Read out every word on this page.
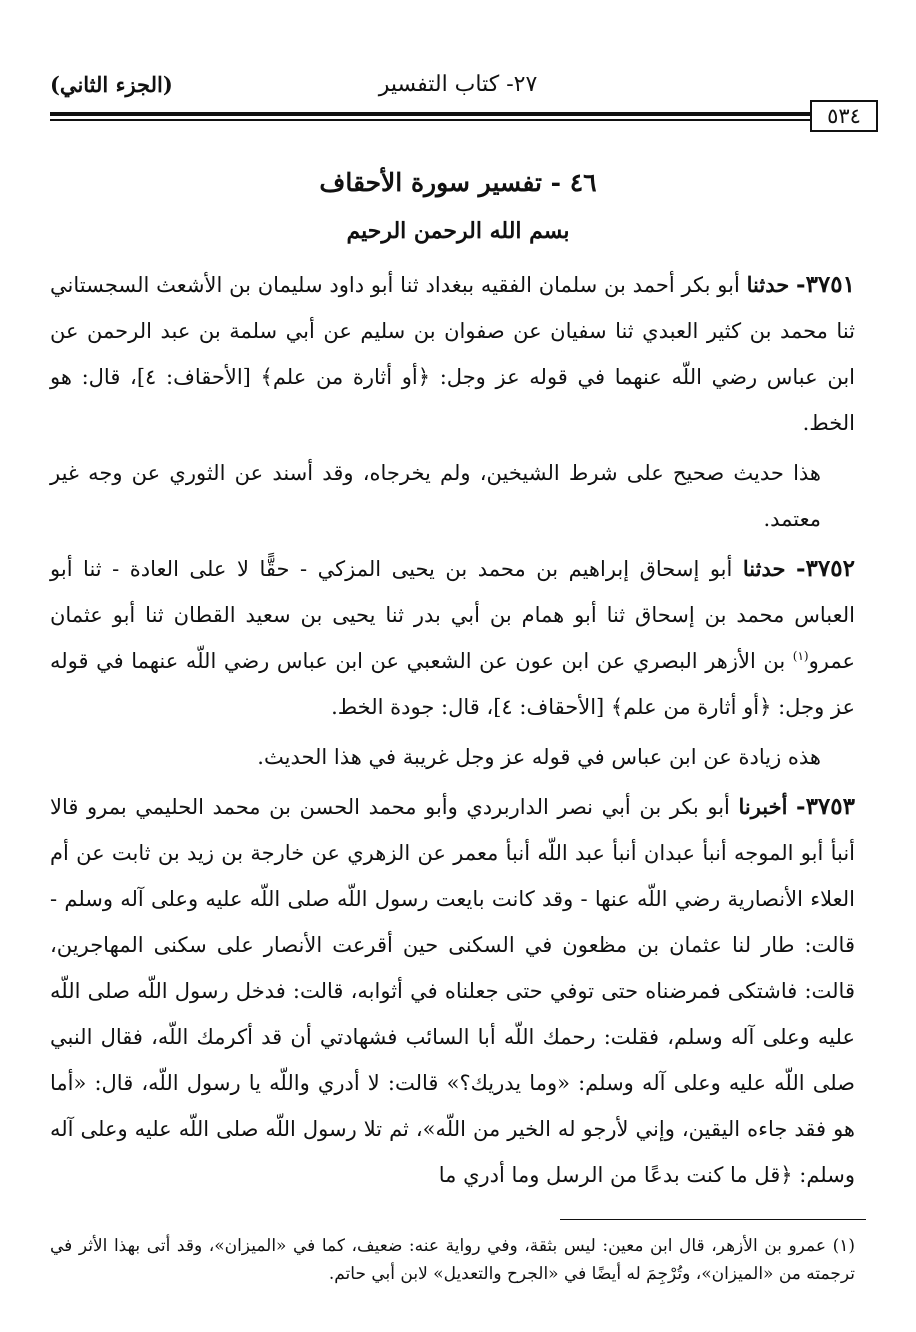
٢٧- كتاب التفسير
(الجزء الثاني)
٥٣٤
٤٦ - تفسير سورة الأحقاف
بسم الله الرحمن الرحيم

٣٧٥١- حدثنا أبو بكر أحمد بن سلمان الفقيه ببغداد ثنا أبو داود سليمان بن الأشعث السجستاني ثنا محمد بن كثير العبدي ثنا سفيان عن صفوان بن سليم عن أبي سلمة بن عبد الرحمن عن ابن عباس رضي اللّه عنهما في قوله عز وجل: ﴿أو أثارة من علم﴾ [الأحقاف: ٤]، قال: هو الخط.

هذا حديث صحيح على شرط الشيخين، ولم يخرجاه، وقد أسند عن الثوري عن وجه غير معتمد.

٣٧٥٢- حدثنا أبو إسحاق إبراهيم بن محمد بن يحيى المزكي - حقًّا لا على العادة - ثنا أبو العباس محمد بن إسحاق ثنا أبو همام بن أبي بدر ثنا يحيى بن سعيد القطان ثنا أبو عثمان عمرو$^{(١)}$ بن الأزهر البصري عن ابن عون عن الشعبي عن ابن عباس رضي اللّه عنهما في قوله عز وجل: ﴿أو أثارة من علم﴾ [الأحقاف: ٤]، قال: جودة الخط.

هذه زيادة عن ابن عباس في قوله عز وجل غريبة في هذا الحديث.

٣٧٥٣- أخبرنا أبو بكر بن أبي نصر الداربردي وأبو محمد الحسن بن محمد الحليمي بمرو قالا أنبأ أبو الموجه أنبأ عبدان أنبأ عبد اللّه أنبأ معمر عن الزهري عن خارجة بن زيد بن ثابت عن أم العلاء الأنصارية رضي اللّه عنها - وقد كانت بايعت رسول اللّه صلى اللّه عليه وعلى آله وسلم - قالت: طار لنا عثمان بن مظعون في السكنى حين أقرعت الأنصار على سكنى المهاجرين، قالت: فاشتكى فمرضناه حتى توفي حتى جعلناه في أثوابه، قالت: فدخل رسول اللّه صلى اللّه عليه وعلى آله وسلم، فقلت: رحمك اللّه أبا السائب فشهادتي أن قد أكرمك اللّه، فقال النبي صلى اللّه عليه وعلى آله وسلم: «وما يدريك؟» قالت: لا أدري واللّه يا رسول اللّه، قال: «أما هو فقد جاءه اليقين، وإني لأرجو له الخير من اللّه»، ثم تلا رسول اللّه صلى اللّه عليه وعلى آله وسلم: ﴿قل ما كنت بدعًا من الرسل وما أدري ما

(١) عمرو بن الأزهر، قال ابن معين: ليس بثقة، وفي رواية عنه: ضعيف، كما في «الميزان»، وقد أتى بهذا الأثر في ترجمته من «الميزان»، وتُرْجِمَ له أيضًا في «الجرح والتعديل» لابن أبي حاتم.
